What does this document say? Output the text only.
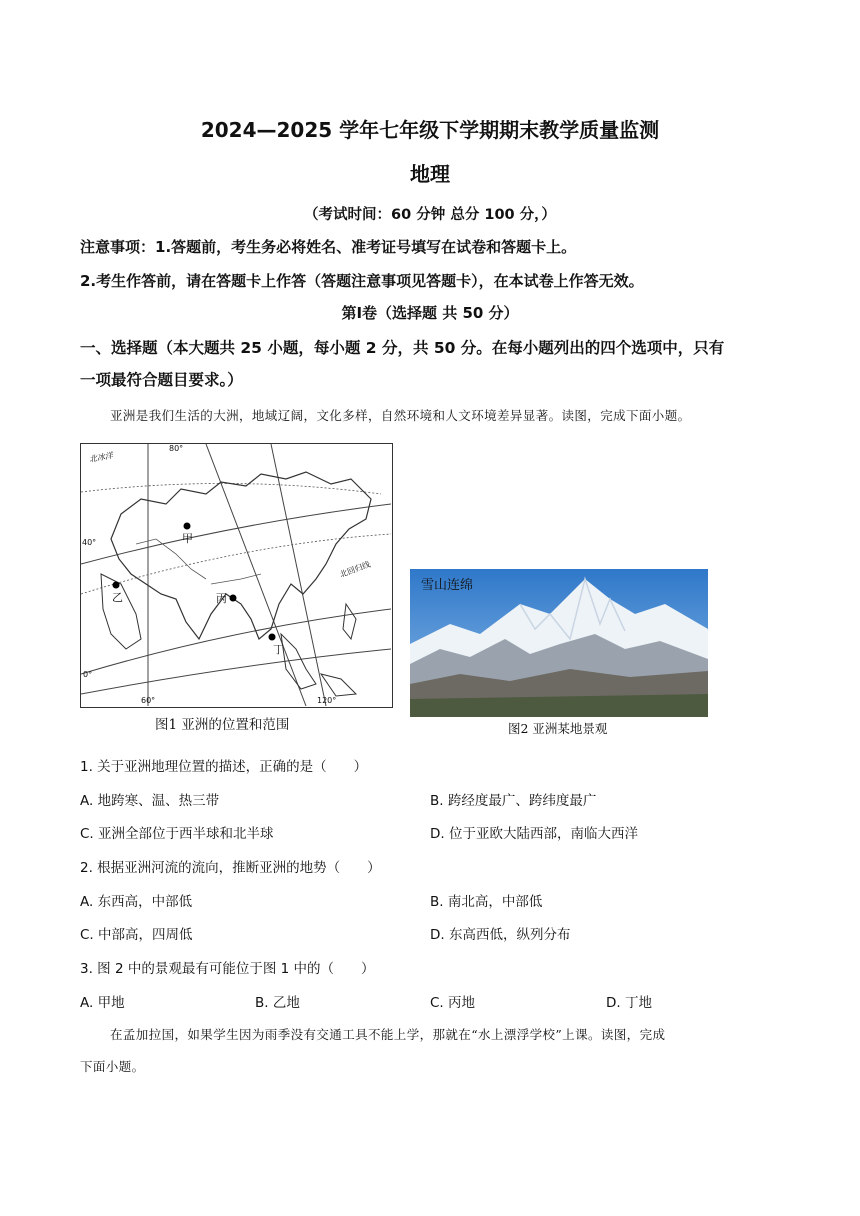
2024—2025 学年七年级下学期期末教学质量监测
地理
（考试时间：60 分钟 总分 100 分，）
注意事项：1.答题前，考生务必将姓名、准考证号填写在试卷和答题卡上。
2.考生作答前，请在答题卡上作答（答题注意事项见答题卡），在本试卷上作答无效。
第Ⅰ卷（选择题 共 50 分）
一、选择题（本大题共 25 小题，每小题 2 分，共 50 分。在每小题列出的四个选项中，只有
一项最符合题目要求。）
亚洲是我们生活的大洲，地域辽阔，文化多样，自然环境和人文环境差异显著。读图，完成下面小题。
甲
乙	丙
丁
北冰洋
北回归线
80°
40°
0°
60°	120°
图1 亚洲的位置和范围
雪山连绵
图2 亚洲某地景观
1. 关于亚洲地理位置的描述，正确的是（　　）
A. 地跨寒、温、热三带	B. 跨经度最广、跨纬度最广
C. 亚洲全部位于西半球和北半球	D. 位于亚欧大陆西部，南临大西洋
2. 根据亚洲河流的流向，推断亚洲的地势（　　）
A. 东西高，中部低	B. 南北高，中部低
C. 中部高，四周低	D. 东高西低，纵列分布
3. 图 2 中的景观最有可能位于图 1 中的（　　）
A. 甲地	B. 乙地	C. 丙地	D. 丁地
在孟加拉国，如果学生因为雨季没有交通工具不能上学，那就在“水上漂浮学校”上课。读图，完成
下面小题。
